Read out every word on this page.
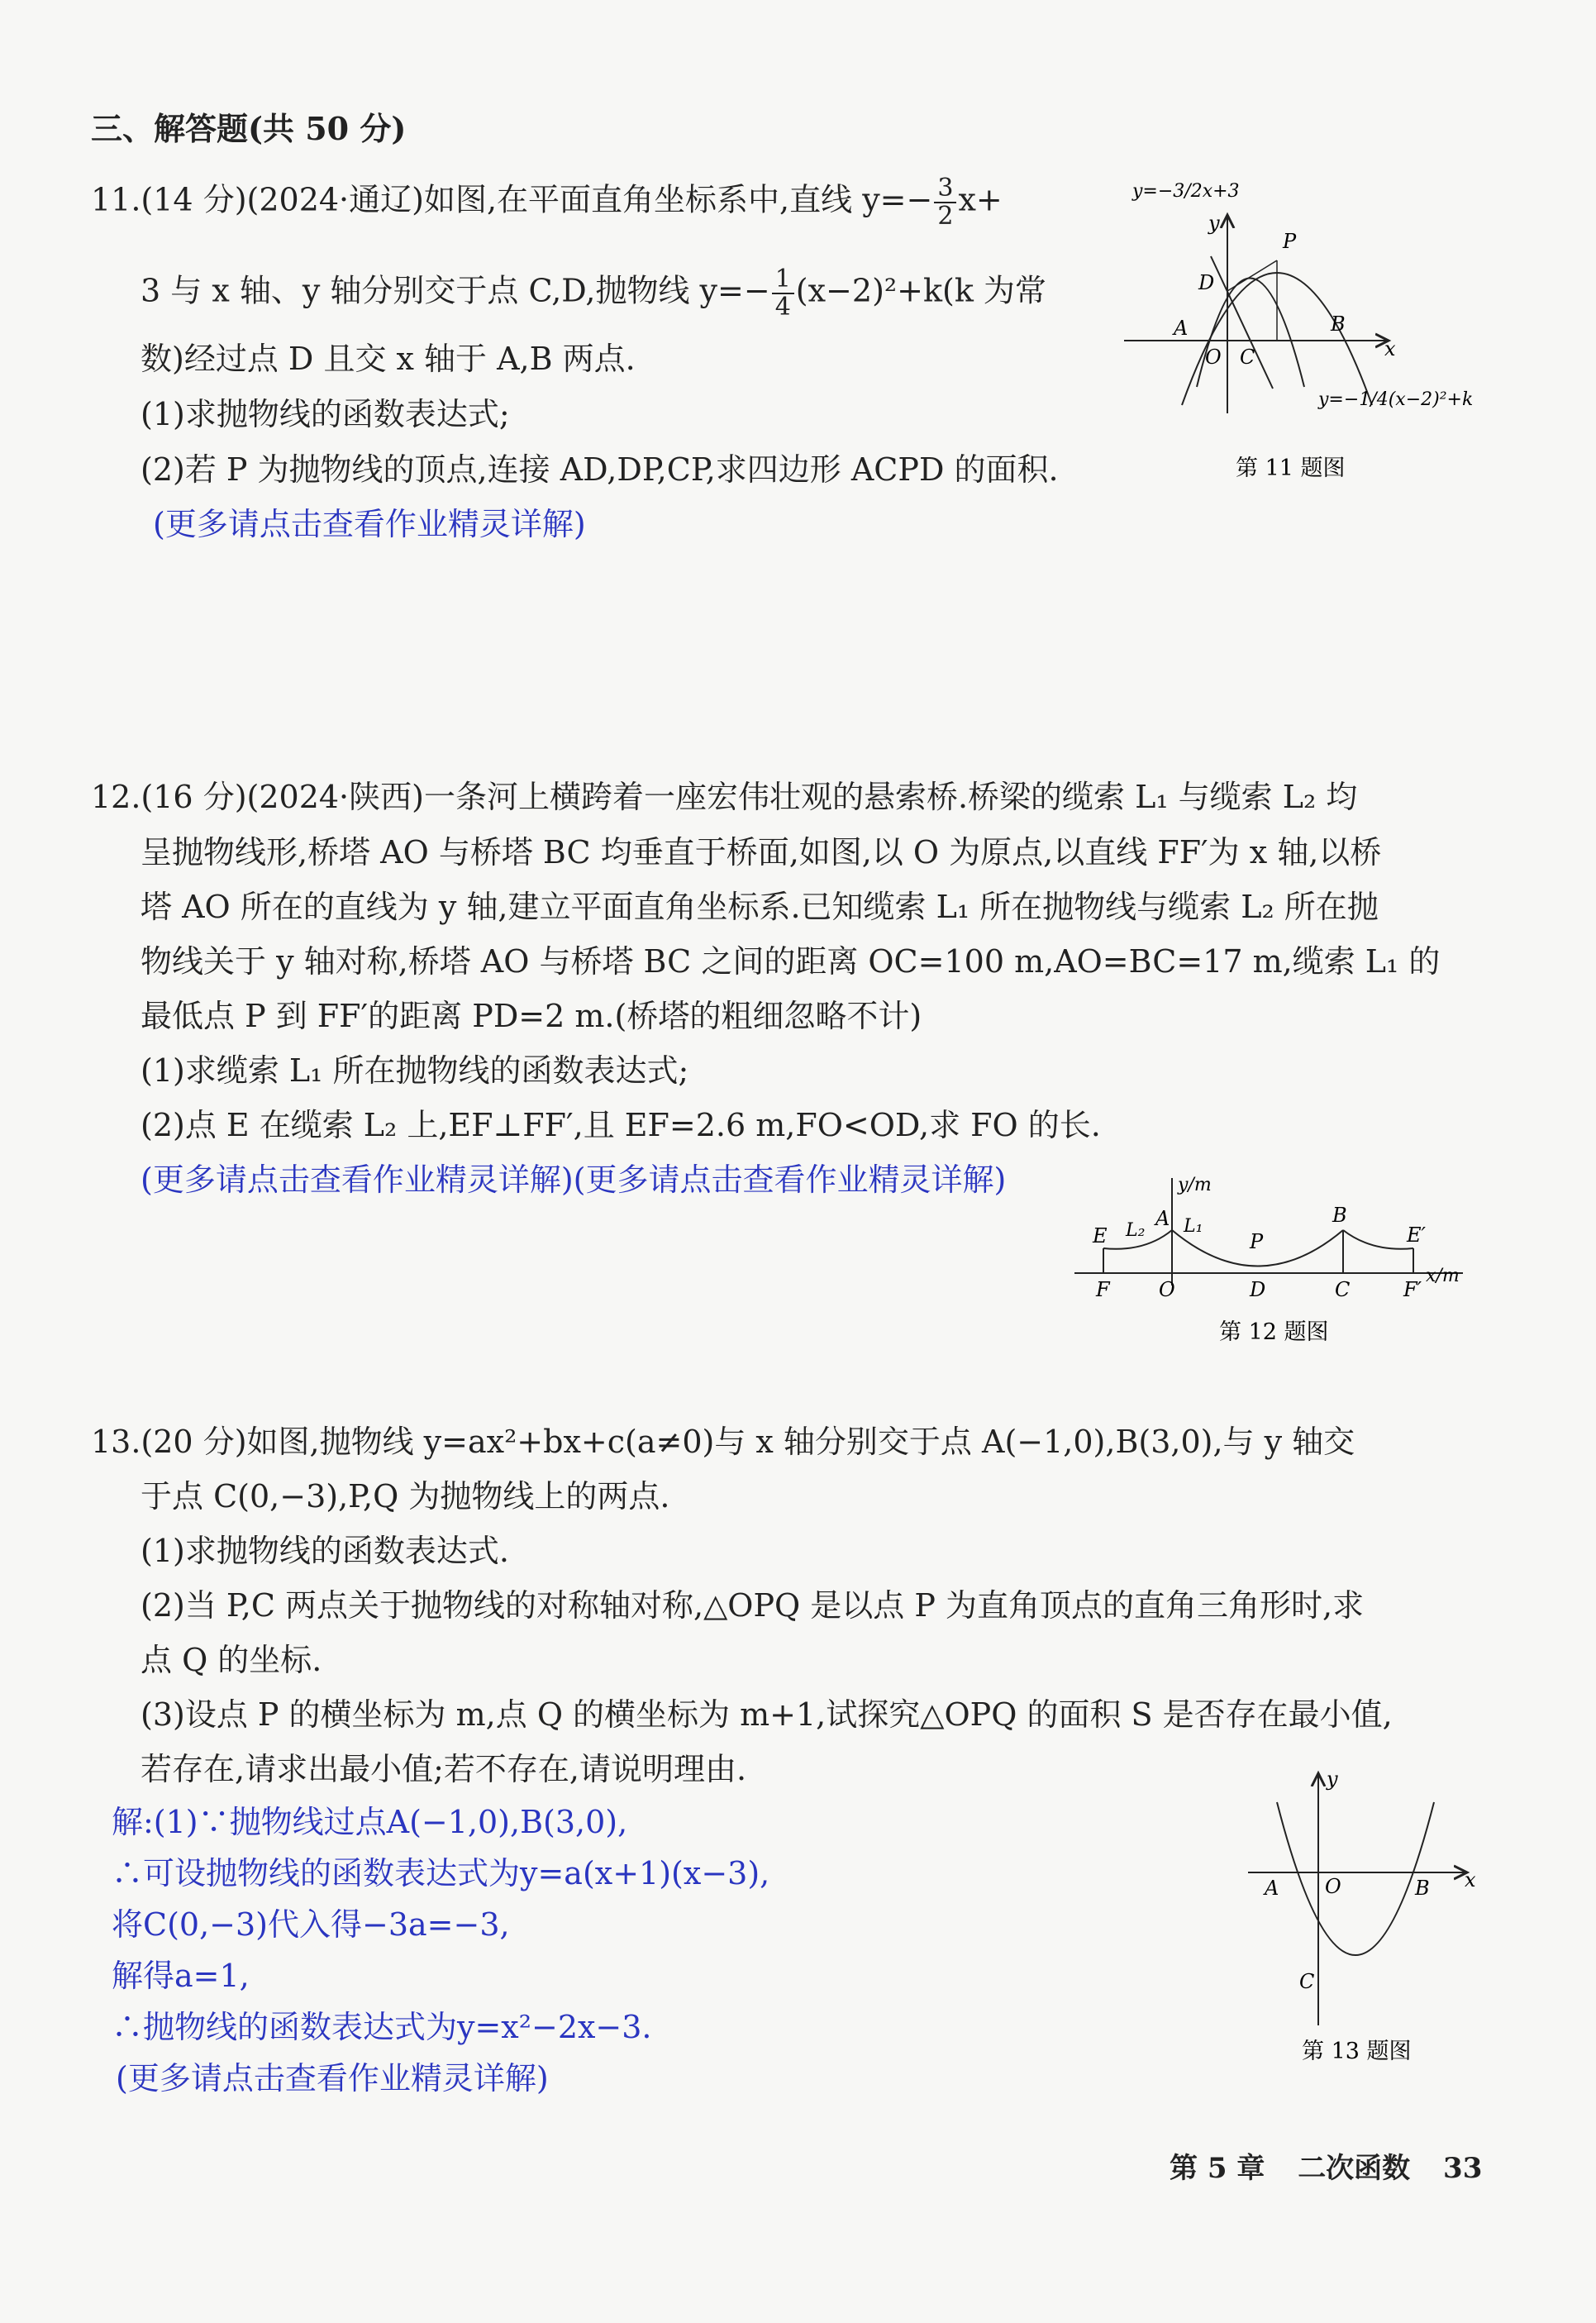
三、解答题(共 50 分)
11.(14 分)(2024·通辽)如图,在平面直角坐标系中,直线 $y=- \frac{3}{2} x+$
3 与 x 轴、y 轴分别交于点 C,D,抛物线 $y=- \frac{1}{4} (x-2)^2+k(k$ 为常
数)经过点 D 且交 x 轴于 A,B 两点.
(1)求抛物线的函数表达式;
(2)若 P 为抛物线的顶点,连接 AD,DP,CP,求四边形 ACPD 的面积.
(更多请点击查看作业精灵详解)
y=−3/2x+3
x
y
P
D
A
O C
B
y=−1/4(x−2)²+k
第 11 题图
12.(16 分)(2024·陕西)一条河上横跨着一座宏伟壮观的悬索桥.桥梁的缆索 L₁ 与缆索 L₂ 均
呈抛物线形,桥塔 AO 与桥塔 BC 均垂直于桥面,如图,以 O 为原点,以直线 FF′为 x 轴,以桥
塔 AO 所在的直线为 y 轴,建立平面直角坐标系.已知缆索 L₁ 所在抛物线与缆索 L₂ 所在抛
物线关于 y 轴对称,桥塔 AO 与桥塔 BC 之间的距离 OC=100 m,AO=BC=17 m,缆索 L₁ 的
最低点 P 到 FF′的距离 PD=2 m.(桥塔的粗细忽略不计)
(1)求缆索 L₁ 所在抛物线的函数表达式;
(2)点 E 在缆索 L₂ 上,EF⊥FF′,且 EF=2.6 m,FO<OD,求 FO 的长.
(更多请点击查看作业精灵详解)(更多请点击查看作业精灵详解)	y/m
x/m
E L₂
A L₁
P
B
E′
F O	D	C	F′
第 12 题图
13.(20 分)如图,抛物线 y=ax²+bx+c(a≠0)与 x 轴分别交于点 A(−1,0),B(3,0),与 y 轴交
于点 C(0,−3),P,Q 为抛物线上的两点.
(1)求抛物线的函数表达式.
(2)当 P,C 两点关于抛物线的对称轴对称,△OPQ 是以点 P 为直角顶点的直角三角形时,求
点 Q 的坐标.
(3)设点 P 的横坐标为 m,点 Q 的横坐标为 m+1,试探究△OPQ 的面积 S 是否存在最小值,
若存在,请求出最小值;若不存在,请说明理由.
解:(1)∵抛物线过点A(−1,0),B(3,0),
∴可设抛物线的函数表达式为y=a(x+1)(x−3),
将C(0,−3)代入得−3a=−3,
解得a=1,
∴抛物线的函数表达式为y=x²−2x−3.
(更多请点击查看作业精灵详解)
x
y
A O	B
C
第 13 题图
第 5 章 二次函数 33
